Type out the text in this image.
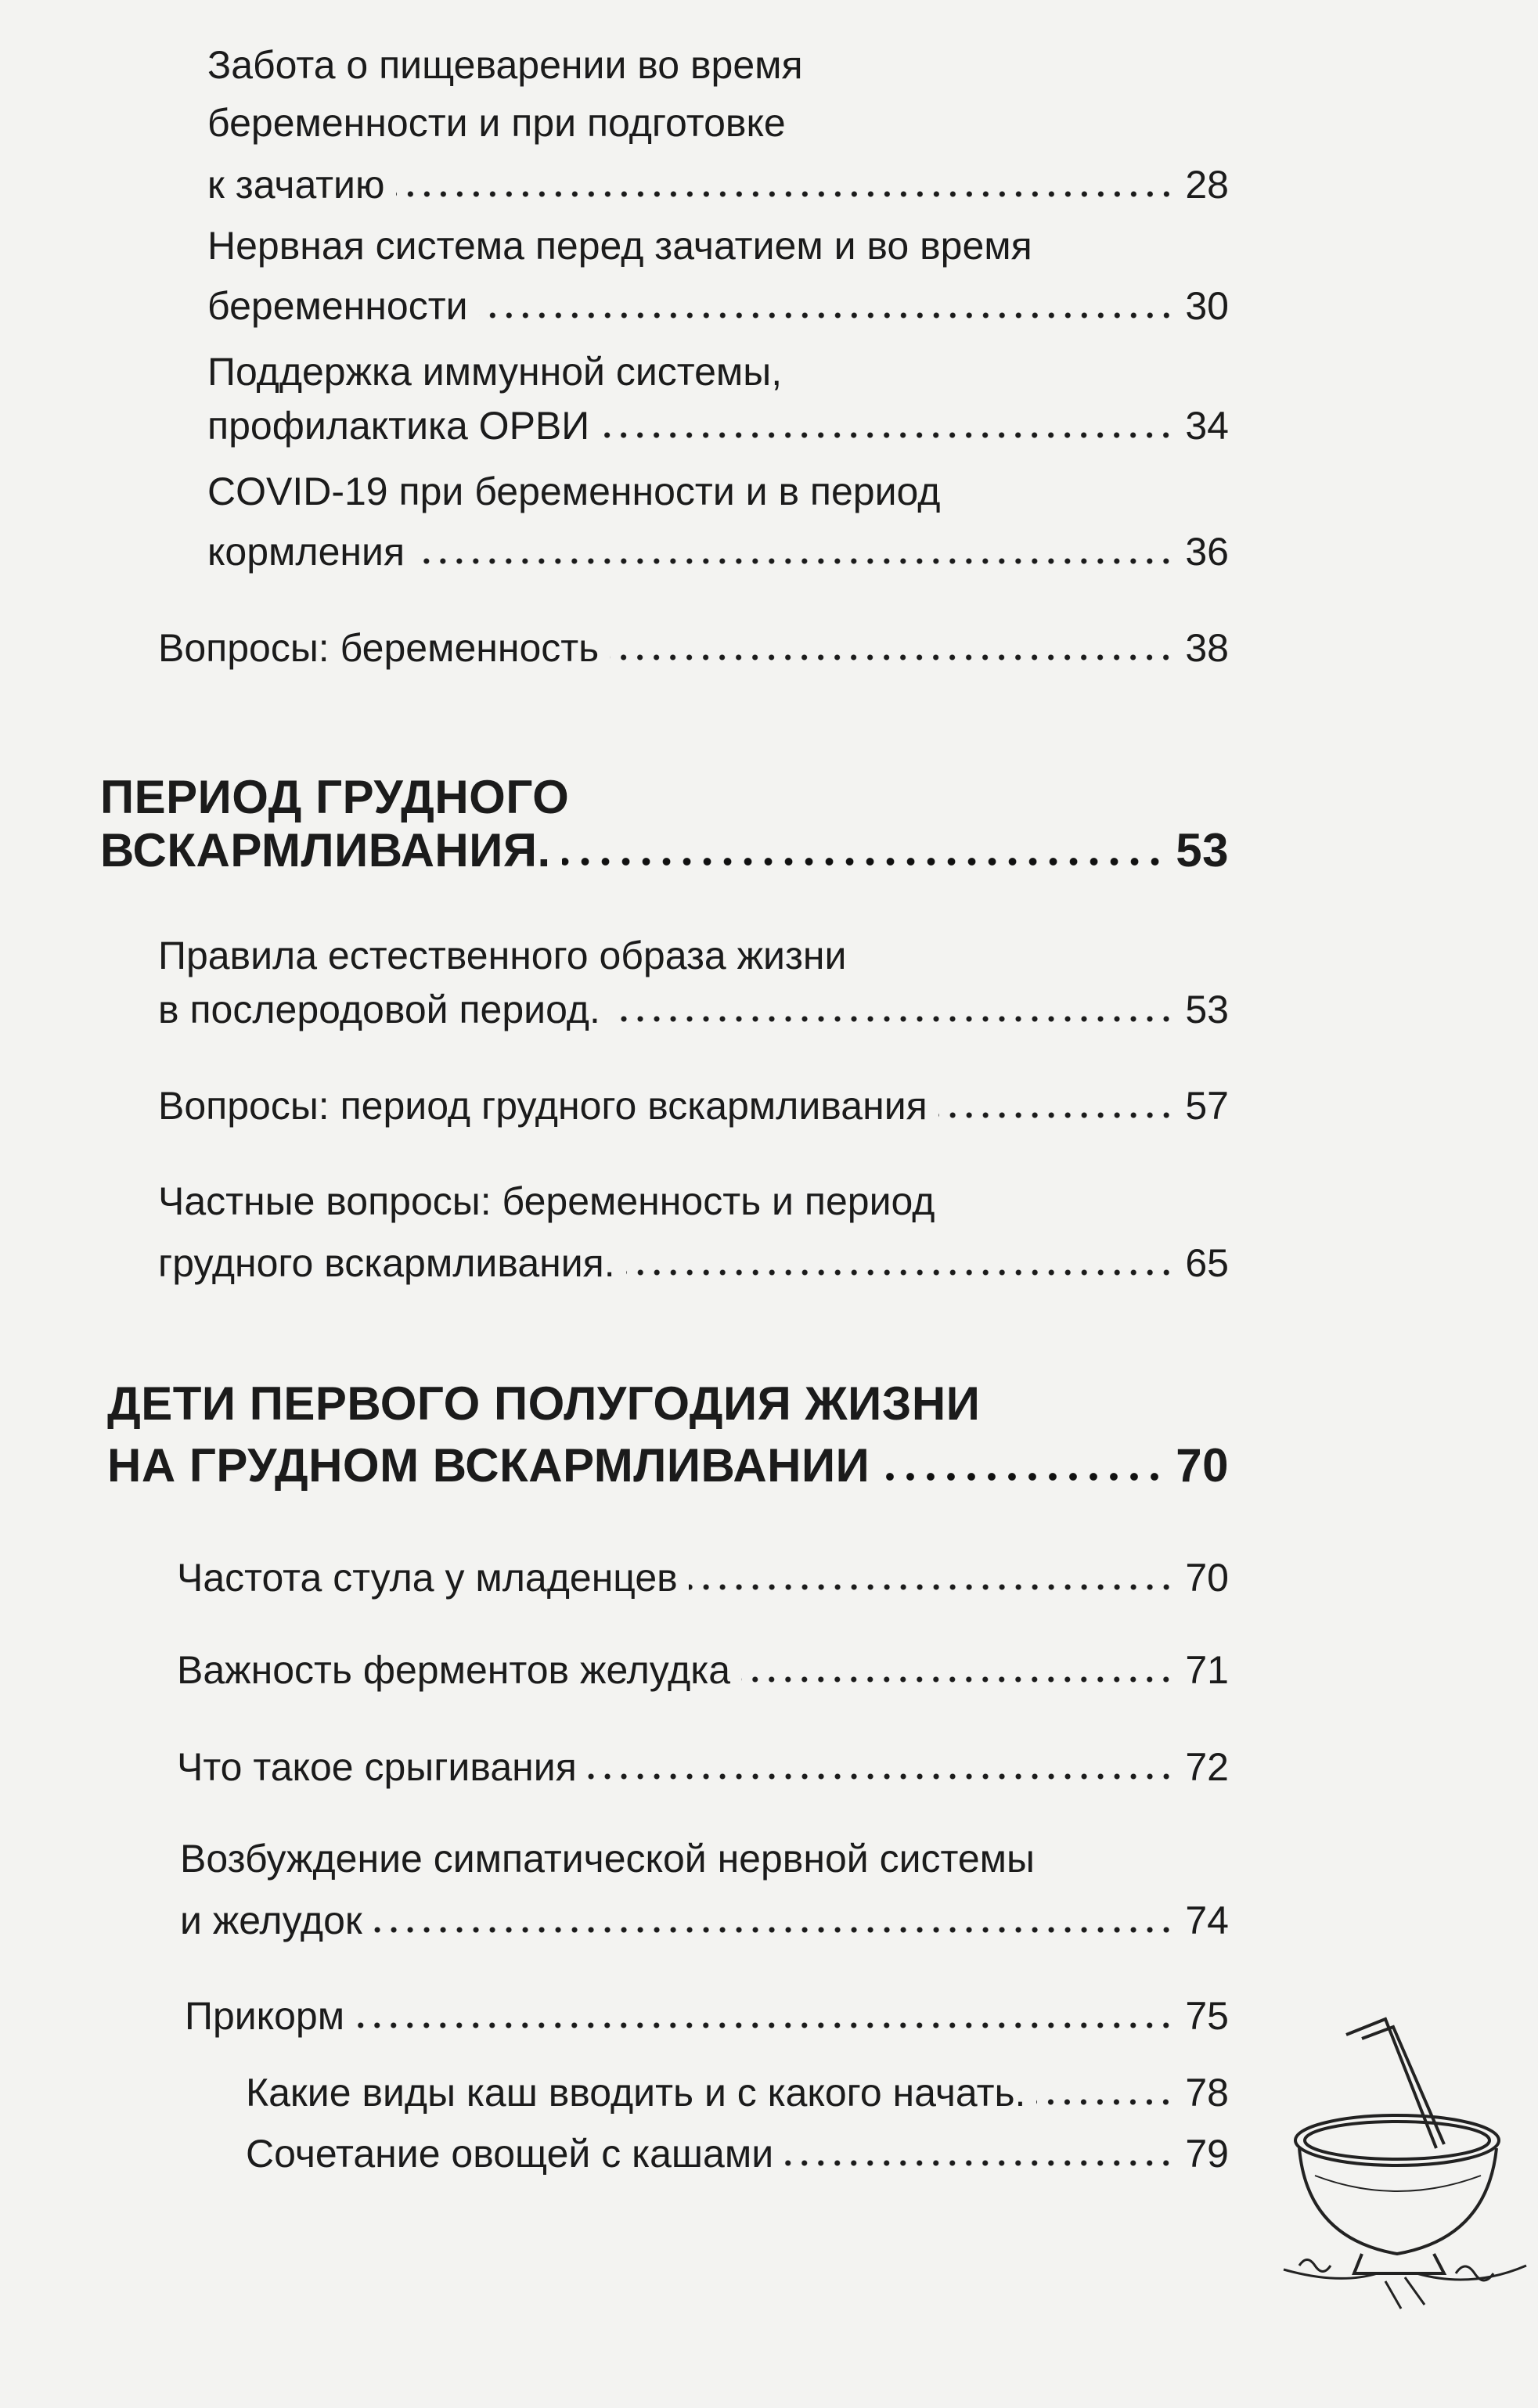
Забота о пищеварении во время
беременности и при подготовке
к зачатию	28
Нервная система перед зачатием и во время
беременности	30
Поддержка иммунной системы,
профилактика ОРВИ	34
COVID-19 при беременности и в период
кормления	36
Вопросы: беременность	38
ПЕРИОД ГРУДНОГО
ВСКАРМЛИВАНИЯ.	53
Правила естественного образа жизни
в послеродовой период.	53
Вопросы: период грудного вскармливания	57
Частные вопросы: беременность и период
грудного вскармливания.	65
ДЕТИ ПЕРВОГО ПОЛУГОДИЯ ЖИЗНИ
НА ГРУДНОМ ВСКАРМЛИВАНИИ	70
Частота стула у младенцев	70
Важность ферментов желудка	71
Что такое срыгивания	72
Возбуждение симпатической нервной системы
и желудок	74
Прикорм	75
Какие виды каш вводить и с какого начать.	78
Сочетание овощей с кашами	79
